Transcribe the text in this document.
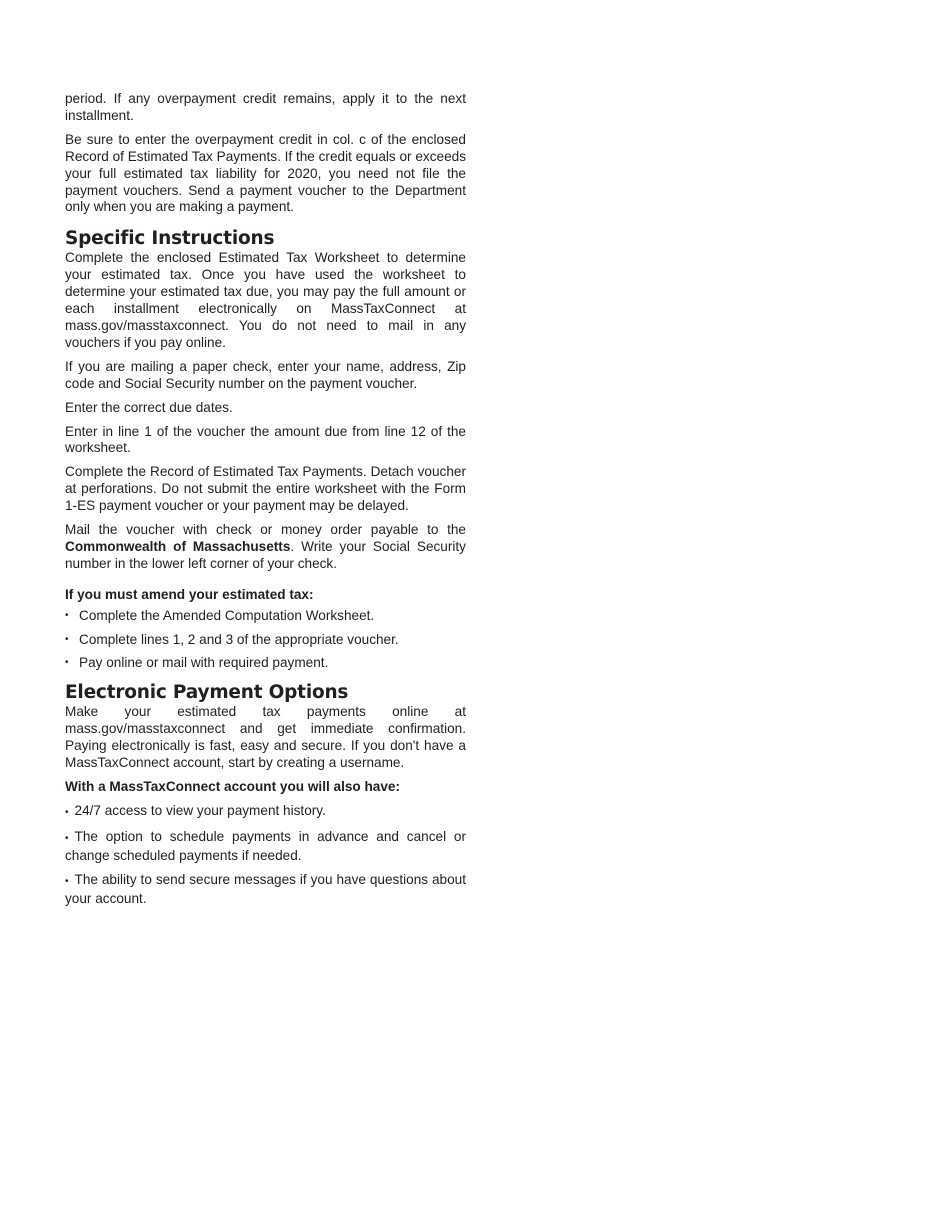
period. If any overpayment credit remains, apply it to the next installment.

Be sure to enter the overpayment credit in col. c of the enclosed Record of Estimated Tax Payments. If the credit equals or exceeds your full estimated tax liability for 2020, you need not file the payment vouchers. Send a payment voucher to the Department only when you are making a payment.

Specific Instructions

Complete the enclosed Estimated Tax Worksheet to determine your estimated tax. Once you have used the worksheet to determine your estimated tax due, you may pay the full amount or each installment electronically on MassTaxConnect at mass.gov/masstaxconnect. You do not need to mail in any vouchers if you pay online.

If you are mailing a paper check, enter your name, address, Zip code and Social Security number on the payment voucher.

Enter the correct due dates.

Enter in line 1 of the voucher the amount due from line 12 of the worksheet.

Complete the Record of Estimated Tax Payments. Detach voucher at perforations. Do not submit the entire worksheet with the Form 1-ES payment voucher or your payment may be delayed.

Mail the voucher with check or money order payable to the Commonwealth of Massachusetts. Write your Social Security number in the lower left corner of your check.

If you must amend your estimated tax:

• Complete the Amended Computation Worksheet.
• Complete lines 1, 2 and 3 of the appropriate voucher.
• Pay online or mail with required payment.
Electronic Payment Options

Make your estimated tax payments online at mass.gov/masstaxconnect and get immediate confirmation. Paying electronically is fast, easy and secure. If you don't have a MassTaxConnect account, start by creating a username.

With a MassTaxConnect account you will also have:

• 24/7 access to view your payment history.

• The option to schedule payments in advance and cancel or change scheduled payments if needed.

• The ability to send secure messages if you have questions about your account.
